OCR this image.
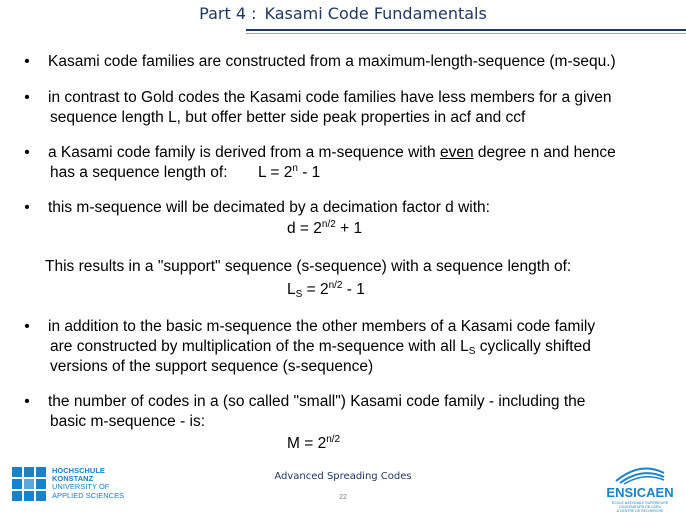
Part 4 : Kasami Code Fundamentals
• Kasami code families are constructed from a maximum-length-sequence (m-sequ.)
• in contrast to Gold codes the Kasami code families have less members for a given
sequence length L, but offer better side peak properties in acf and ccf
• a Kasami code family is derived from a m-sequence with even degree n and hence
has a sequence length of: $L = 2^n - 1$
• this m-sequence will be decimated by a decimation factor d with:
$d = 2^{n/2} + 1$
This results in a "support" sequence (s-sequence) with a sequence length of:
$L_S = 2^{n/2} - 1$
• in addition to the basic m-sequence the other members of a Kasami code family
are constructed by multiplication of the m-sequence with all $L_S$ cyclically shifted
versions of the support sequence (s-sequence)
• the number of codes in a (so called "small") Kasami code family - including the
basic m-sequence - is:
$M = 2^{n/2}$
HOCHSCHULE
KONSTANZ
UNIVERSITY OF
APPLIED SCIENCES
Advanced Spreading Codes
22	ENSICAEN
ÉCOLE NATIONALE SUPÉRIEURE D'INGÉNIEURS DE CAEN
& CENTRE DE RECHERCHE
